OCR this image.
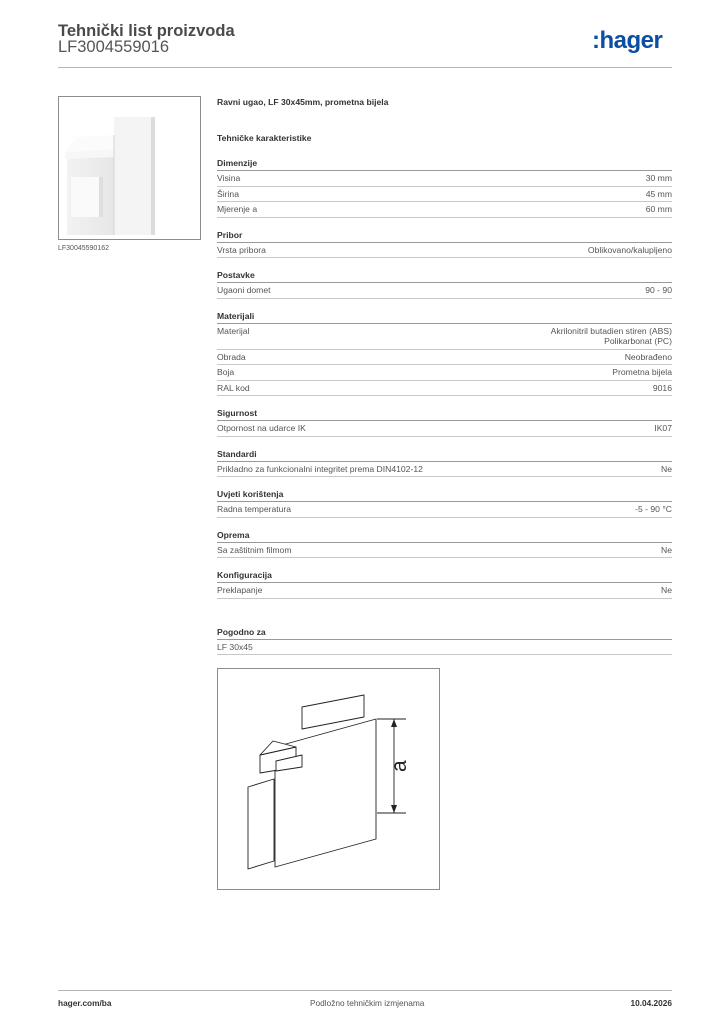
Tehnički list proizvoda
LF3004559016	:hager
LF30045590162
Ravni ugao, LF 30x45mm, prometna bijela
Tehničke karakteristike
Dimenzije
Visina	30 mm
Širina	45 mm
Mjerenje a	60 mm
Pribor
Vrsta pribora	Oblikovano/kalupljeno
Postavke
Ugaoni domet	90 - 90
Materijali
Materijal	Akrilonitril butadien stiren (ABS)
Polikarbonat (PC)
Obrada	Neobrađeno
Boja	Prometna bijela
RAL kod	9016
Sigurnost
Otpornost na udarce IK	IK07
Standardi
Prikladno za funkcionalni integritet prema DIN4102-12	Ne
Uvjeti korištenja
Radna temperatura	-5 - 90 °C
Oprema
Sa zaštitnim filmom	Ne
Konfiguracija
Preklapanje	Ne
Pogodno za
LF 30x45
a
hager.com/ba	Podložno tehničkim izmjenama	10.04.2026
